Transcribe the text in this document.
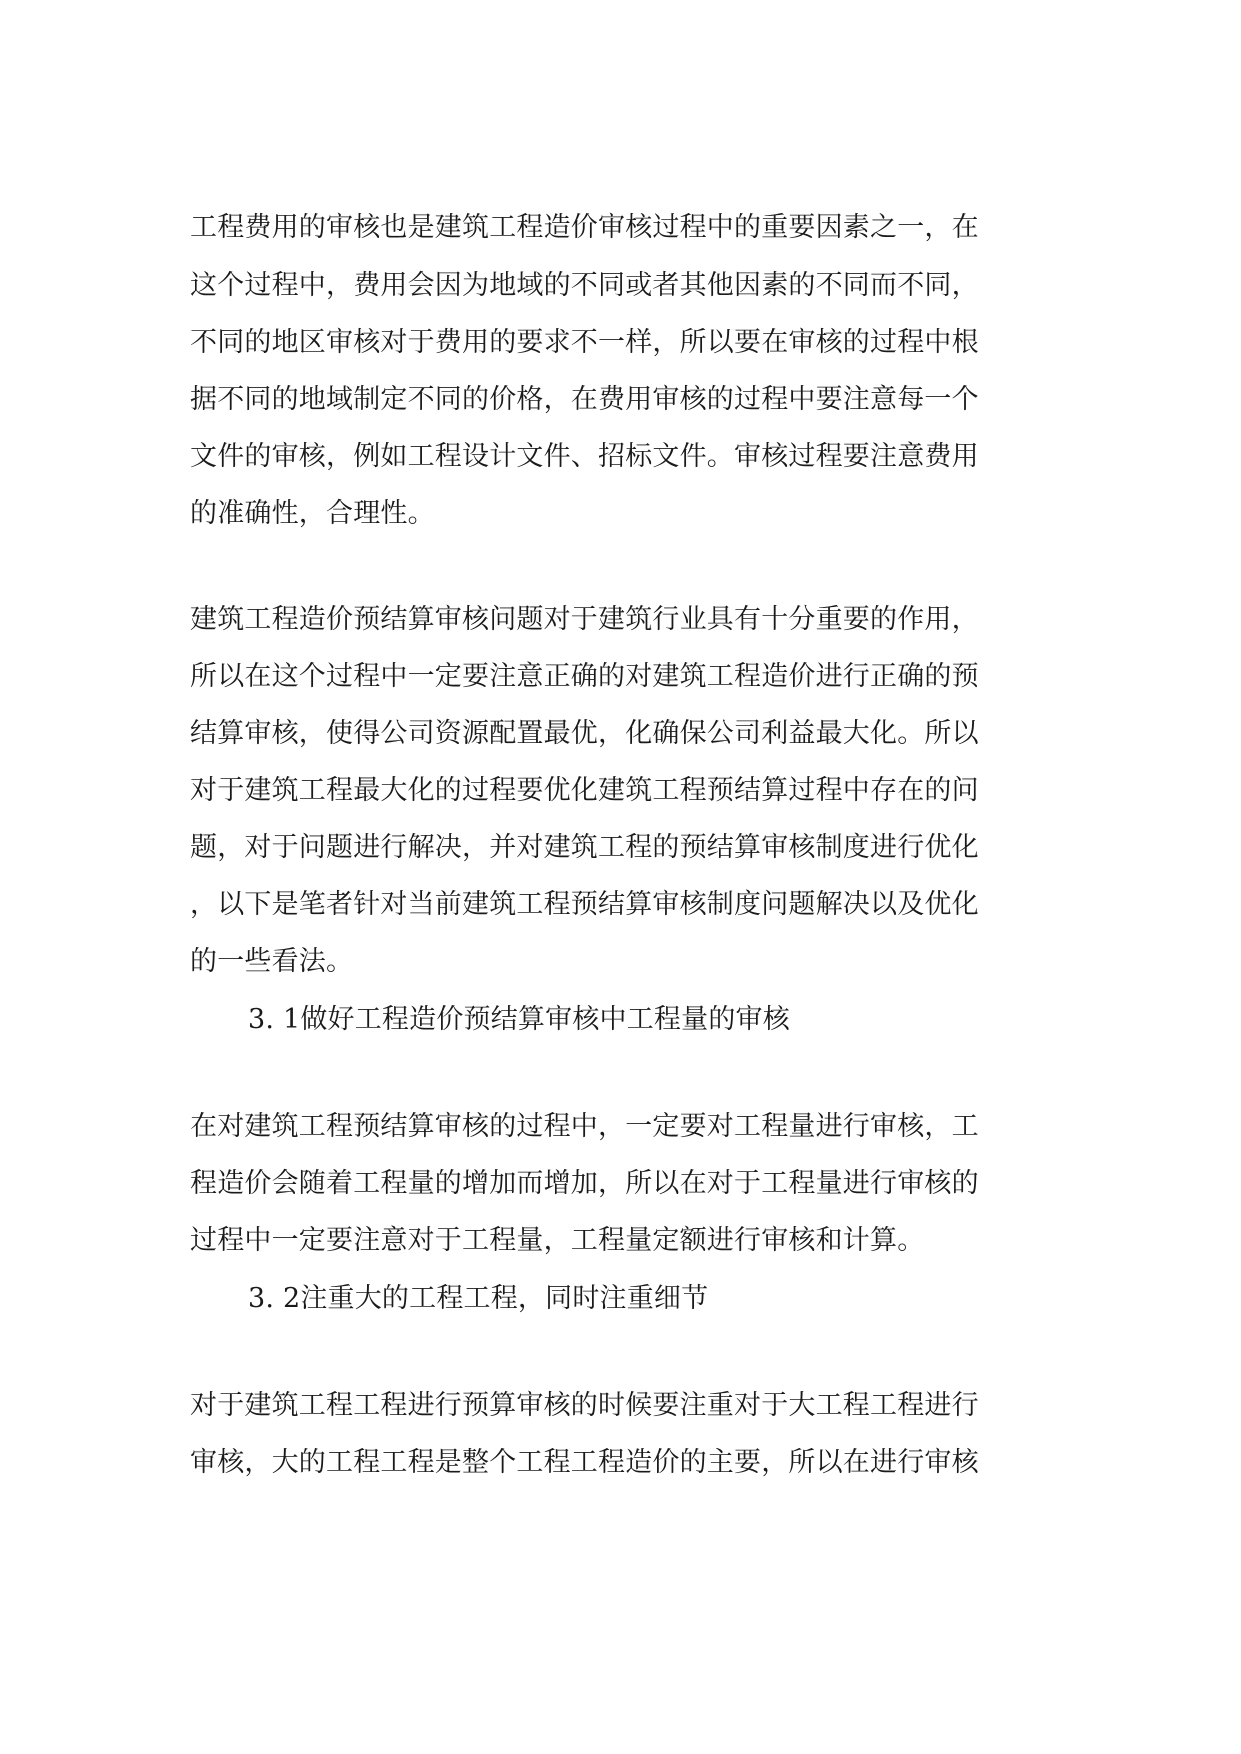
工程费用的审核也是建筑工程造价审核过程中的重要因素之一，在
这个过程中，费用会因为地域的不同或者其他因素的不同而不同，
不同的地区审核对于费用的要求不一样，所以要在审核的过程中根
据不同的地域制定不同的价格，在费用审核的过程中要注意每一个
文件的审核，例如工程设计文件、招标文件。审核过程要注意费用
的准确性，合理性。
建筑工程造价预结算审核问题对于建筑行业具有十分重要的作用，
所以在这个过程中一定要注意正确的对建筑工程造价进行正确的预
结算审核，使得公司资源配置最优，化确保公司利益最大化。所以
对于建筑工程最大化的过程要优化建筑工程预结算过程中存在的问
题，对于问题进行解决，并对建筑工程的预结算审核制度进行优化
，以下是笔者针对当前建筑工程预结算审核制度问题解决以及优化
的一些看法。
3. 1做好工程造价预结算审核中工程量的审核
在对建筑工程预结算审核的过程中，一定要对工程量进行审核，工
程造价会随着工程量的增加而增加，所以在对于工程量进行审核的
过程中一定要注意对于工程量，工程量定额进行审核和计算。
3. 2注重大的工程工程，同时注重细节
对于建筑工程工程进行预算审核的时候要注重对于大工程工程进行
审核，大的工程工程是整个工程工程造价的主要，所以在进行审核
